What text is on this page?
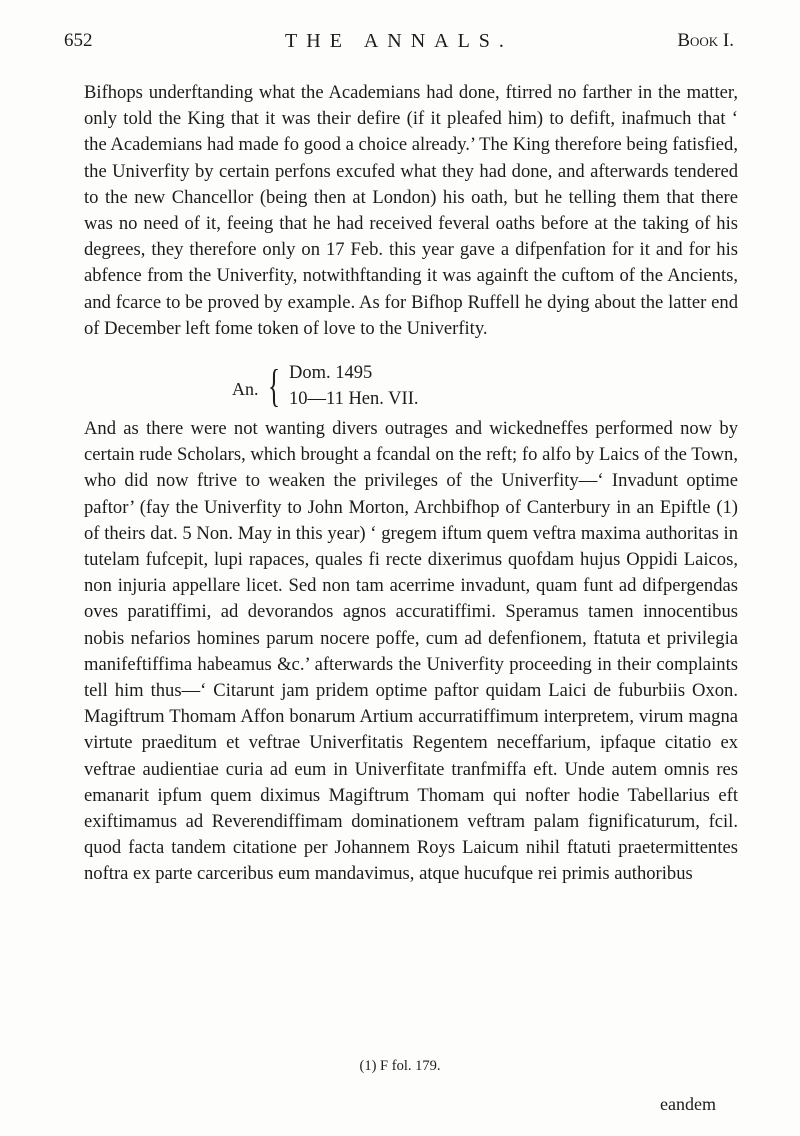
652	THE ANNALS.	Book I.

Bifhops underftanding what the Academians had done, ftirred no farther in the matter, only told the King that it was their defire (if it pleafed him) to defift, inafmuch that ‘ the Academians had made fo good a choice already.’ The King therefore being fatisfied, the Univerfity by certain perfons excufed what they had done, and afterwards tendered to the new Chancellor (being then at London) his oath, but he telling them that there was no need of it, feeing that he had received feveral oaths before at the taking of his degrees, they therefore only on 17 Feb. this year gave a difpenfation for it and for his abfence from the Univerfity, notwithftanding it was againft the cuftom of the Ancients, and fcarce to be proved by example. As for Bifhop Ruffell he dying about the latter end of December left fome token of love to the Univerfity.

An. { Dom. 1495
10—11 Hen. VII.

And as there were not wanting divers outrages and wickedneffes performed now by certain rude Scholars, which brought a fcandal on the reft; fo alfo by Laics of the Town, who did now ftrive to weaken the privileges of the Univerfity—‘ Invadunt optime paftor’ (fay the Univerfity to John Morton, Archbifhop of Canterbury in an Epiftle (1) of theirs dat. 5 Non. May in this year) ‘ gregem iftum quem veftra maxima authoritas in tutelam fufcepit, lupi rapaces, quales fi recte dixerimus quofdam hujus Oppidi Laicos, non injuria appellare licet. Sed non tam acerrime invadunt, quam funt ad difpergendas oves paratiffimi, ad devorandos agnos accuratiffimi. Speramus tamen innocentibus nobis nefarios homines parum nocere poffe, cum ad defenfionem, ftatuta et privilegia manifeftiffima habeamus &c.’ afterwards the Univerfity proceeding in their complaints tell him thus—‘ Citarunt jam pridem optime paftor quidam Laici de fuburbiis Oxon. Magiftrum Thomam Affon bonarum Artium accurratiffimum interpretem, virum magna virtute praeditum et veftrae Univerfitatis Regentem neceffarium, ipfaque citatio ex veftrae audientiae curia ad eum in Univerfitate tranfmiffa eft. Unde autem omnis res emanarit ipfum quem diximus Magiftrum Thomam qui nofter hodie Tabellarius eft exiftimamus ad Reverendiffimam dominationem veftram palam fignificaturum, fcil. quod facta tandem citatione per Johannem Roys Laicum nihil ftatuti praetermittentes noftra ex parte carceribus eum mandavimus, atque hucufque rei primis authoribus

(1) F fol. 179.
eandem
